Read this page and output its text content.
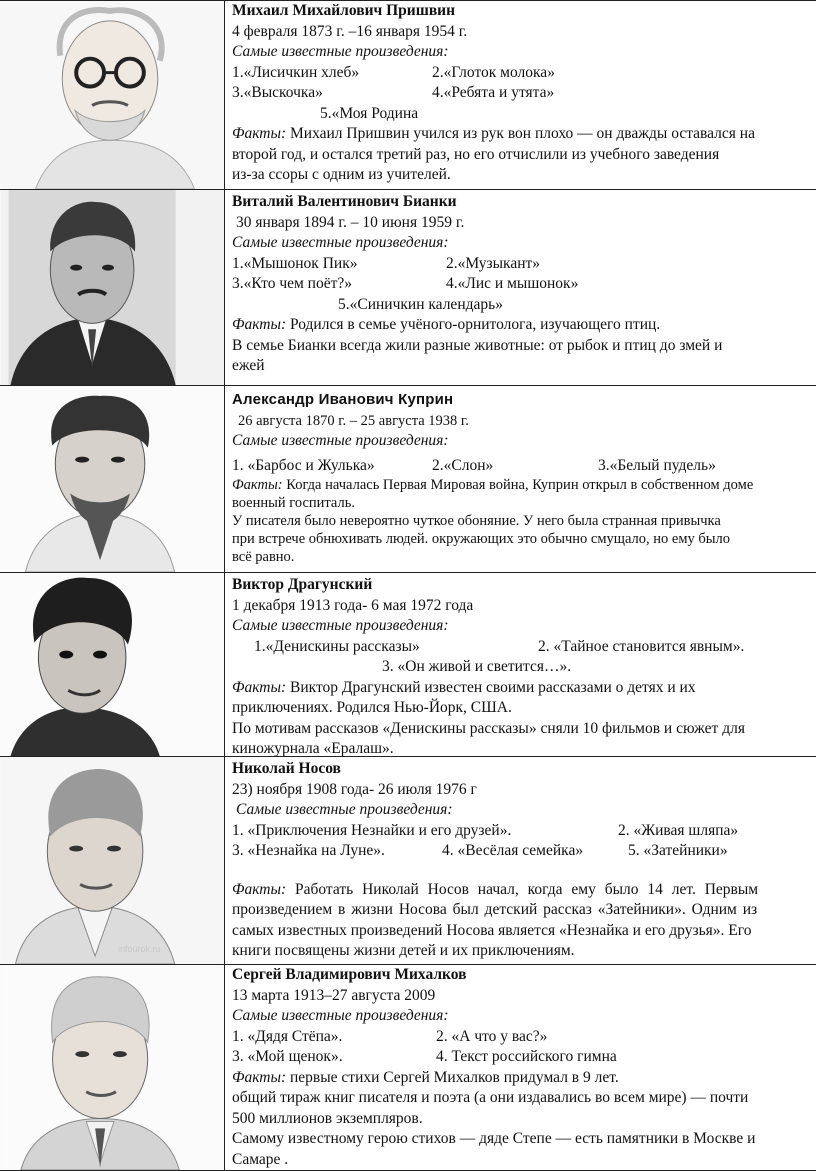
Михаил Михайлович Пришвин
4 февраля 1873 г. –16 января 1954 г.
Самые известные произведения:
1.«Лисичкин хлеб»	2.«Глоток молока»
3.«Выскочка»	4.«Ребята и утята»
5.«Моя Родина
Факты: Михаил Пришвин учился из рук вон плохо — он дважды оставался на
второй год, и остался третий раз, но его отчислили из учебного заведения
из-за ссоры с одним из учителей.
Виталий Валентинович Бианки
30 января 1894 г. – 10 июня 1959 г.
Самые известные произведения:
1.«Мышонок Пик»	2.«Музыкант»
3.«Кто чем поёт?»	4.«Лис и мышонок»
5.«Синичкин календарь»
Факты: Родился в семье учёного-орнитолога, изучающего птиц.
В семье Бианки всегда жили разные животные: от рыбок и птиц до змей и
ежей
Александр Иванович Куприн
26 августа 1870 г. – 25 августа 1938 г.
Самые известные произведения:
1. «Барбос и Жулька»	2.«Слон»	3.«Белый пудель»
Факты: Когда началась Первая Мировая война, Куприн открыл в собственном доме
военный госпиталь.
У писателя было невероятно чуткое обоняние. У него была странная привычка
при встрече обнюхивать людей. окружающих это обычно смущало, но ему было
всё равно.
Виктор Драгунский
1 декабря 1913 года- 6 мая 1972 года
Самые известные произведения:
1.«Денискины рассказы»	2. «Тайное становится явным».
3. «Он живой и светится…».
Факты: Виктор Драгунский известен своими рассказами о детях и их
приключениях. Родился Нью-Йорк, США.
По мотивам рассказов «Денискины рассказы» сняли 10 фильмов и сюжет для
киножурнала «Ералаш».
infourok.ru
Николай Носов
23) ноября 1908 года- 26 июля 1976 г
Самые известные произведения:
1. «Приключения Незнайки и его друзей».	2. «Живая шляпа»
3. «Незнайка на Луне».	4. «Весёлая семейка»	5. «Затейники»
Факты: Работать Николай Носов начал, когда ему было 14 лет. Первым
произведением в жизни Носова был детский рассказ «Затейники». Одним из
самых известных произведений Носова является «Незнайка и его друзья». Его
книги посвящены жизни детей и их приключениям.
Сергей Владимирович Михалков
13 марта 1913–27 августа 2009
Самые известные произведения:
1. «Дядя Стёпа».	2. «А что у вас?»
3. «Мой щенок».	4. Текст российского гимна
Факты: первые стихи Сергей Михалков придумал в 9 лет.
общий тираж книг писателя и поэта (а они издавались во всем мире) — почти
500 миллионов экземпляров.
Самому известному герою стихов — дяде Степе — есть памятники в Москве и
Самаре .
